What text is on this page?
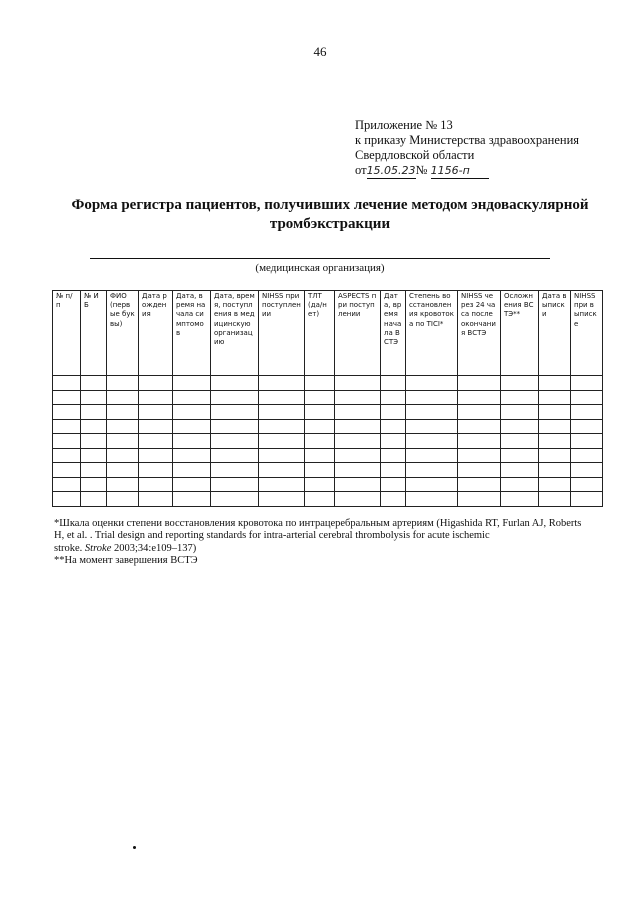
46
Приложение № 13
к приказу Министерства здравоохранения
Свердловской области
от15.05.23№ 1156-п
Форма регистра пациентов, получивших лечение методом эндоваскулярной тромбэкстракции
(медицинская организация)
№ п/п	№ ИБ	ФИО (первые буквы)	Дата рождения	Дата, время начала симптомов	Дата, время, поступления в медицинскую организацию	NIHSS при поступлении	ТЛТ (да/нет)	ASPECTS при поступлении	Дата, время начала ВСТЭ	Степень восстановления кровотока по TICI*	NIHSS через 24 часа после окончания ВСТЭ	Осложнения ВСТЭ**	Дата выписки	NIHSS при выписке

*Шкала оценки степени восстановления кровотока по интрацеребральным артериям (Higashida RT, Furlan AJ, Roberts
H, et al. . Trial design and reporting standards for intra-arterial cerebral thrombolysis for acute ischemic
stroke. Stroke 2003;34:e109–137)
**На момент завершения ВСТЭ
